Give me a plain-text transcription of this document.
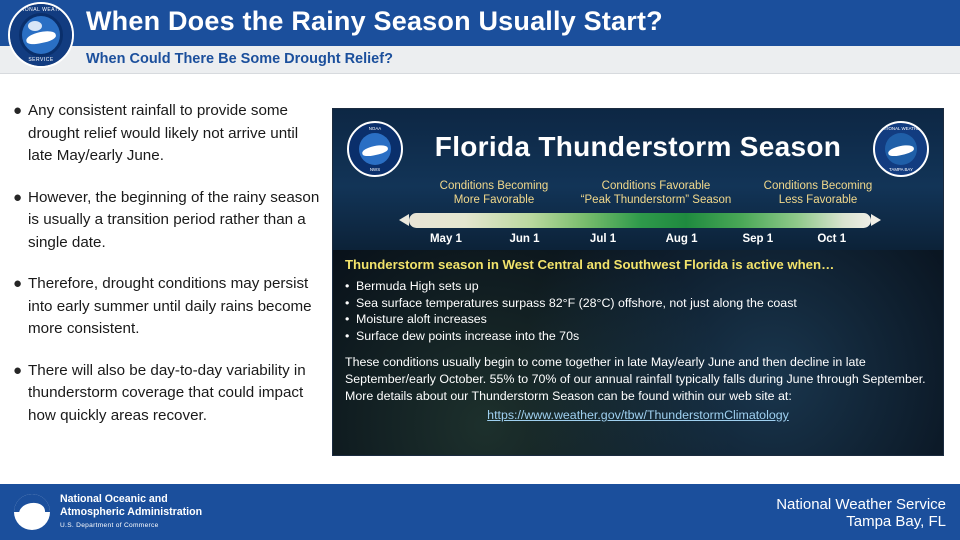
NATIONAL WEATHER
SERVICE
When Does the Rainy Season Usually Start?
When Could There Be Some Drought Relief?
● Any consistent rainfall to provide some drought relief would likely not arrive until late May/early June.
● However, the beginning of the rainy season is usually a transition period rather than a single date.
● Therefore, drought conditions may persist into early summer until daily rains become more consistent.
● There will also be day-to-day variability in thunderstorm coverage that could impact how quickly areas recover.
NOAA
NWS
NATIONAL WEATHER
TAMPA BAY
Florida Thunderstorm Season
Conditions Becoming
More Favorable
Conditions Favorable
“Peak Thunderstorm” Season
Conditions Becoming
Less Favorable
May 1	Jun 1	Jul 1	Aug 1	Sep 1	Oct 1
Thunderstorm season in West Central and Southwest Florida is active when…
• Bermuda High sets up
• Sea surface temperatures surpass 82°F (28°C) offshore, not just along the coast
• Moisture aloft increases
• Surface dew points increase into the 70s
These conditions usually begin to come together in late May/early June and then decline in late September/early October. 55% to 70% of our annual rainfall typically falls during June through September. More details about our Thunderstorm Season can be found within our web site at:
https://www.weather.gov/tbw/ThunderstormClimatology
National Oceanic and
Atmospheric Administration
U.S. Department of Commerce
National Weather Service
Tampa Bay, FL
